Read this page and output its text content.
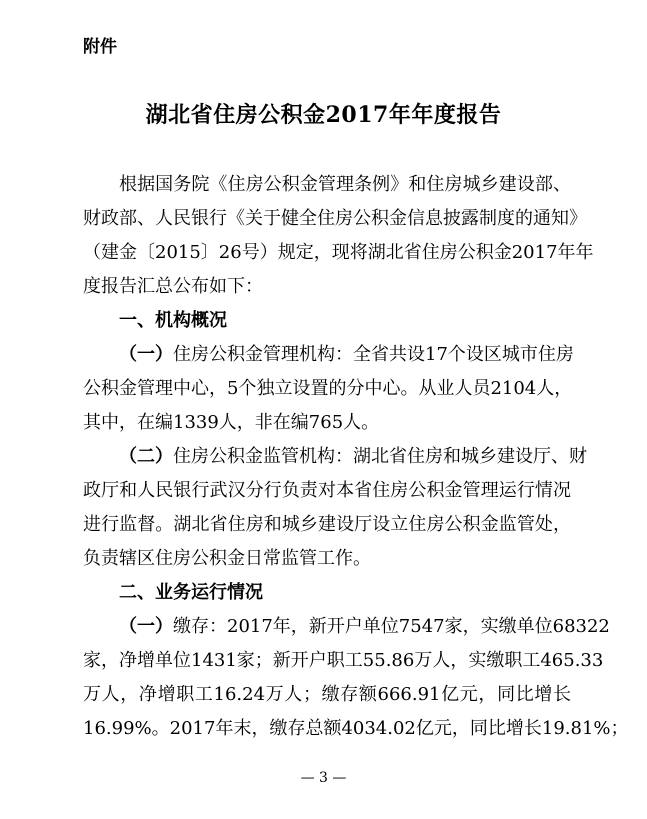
附件
湖北省住房公积金2017年年度报告
根据国务院《住房公积金管理条例》和住房城乡建设部、
财政部、人民银行《关于健全住房公积金信息披露制度的通知》
（建金〔2015〕26号）规定，现将湖北省住房公积金2017年年
度报告汇总公布如下：
一、机构概况
（一）住房公积金管理机构：全省共设17个设区城市住房
公积金管理中心，5个独立设置的分中心。从业人员2104人，
其中，在编1339人，非在编765人。
（二）住房公积金监管机构：湖北省住房和城乡建设厅、财
政厅和人民银行武汉分行负责对本省住房公积金管理运行情况
进行监督。湖北省住房和城乡建设厅设立住房公积金监管处，
负责辖区住房公积金日常监管工作。
二、业务运行情况
（一）缴存：2017年，新开户单位7547家，实缴单位68322
家，净增单位1431家；新开户职工55.86万人，实缴职工465.33
万人，净增职工16.24万人；缴存额666.91亿元，同比增长
16.99%。2017年末，缴存总额4034.02亿元，同比增长19.81%；
— 3 —
